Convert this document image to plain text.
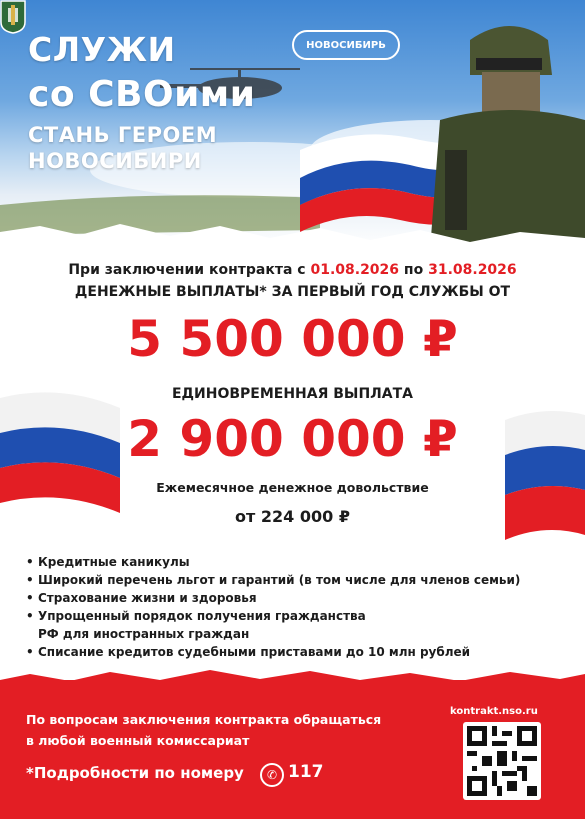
СЛУЖИ
со СВОими
СТАНЬ ГЕРОЕМ
НОВОСИБИРИ
НОВОСИБИРЬ
При заключении контракта с 01.08.2026 по 31.08.2026
ДЕНЕЖНЫЕ ВЫПЛАТЫ* ЗА ПЕРВЫЙ ГОД СЛУЖБЫ ОТ
5 500 000 ₽
ЕДИНОВРЕМЕННАЯ ВЫПЛАТА
2 900 000 ₽
Ежемесячное денежное довольствие
от 224 000 ₽
• Кредитные каникулы
• Широкий перечень льгот и гарантий (в том числе для членов семьи)
• Страхование жизни и здоровья
• Упрощенный порядок получения гражданства
РФ для иностранных граждан
• Списание кредитов судебными приставами до 10 млн рублей
По вопросам заключения контракта обращаться
в любой военный комиссариат
*Подробности по номеру	✆ 117
kontrakt.nso.ru
